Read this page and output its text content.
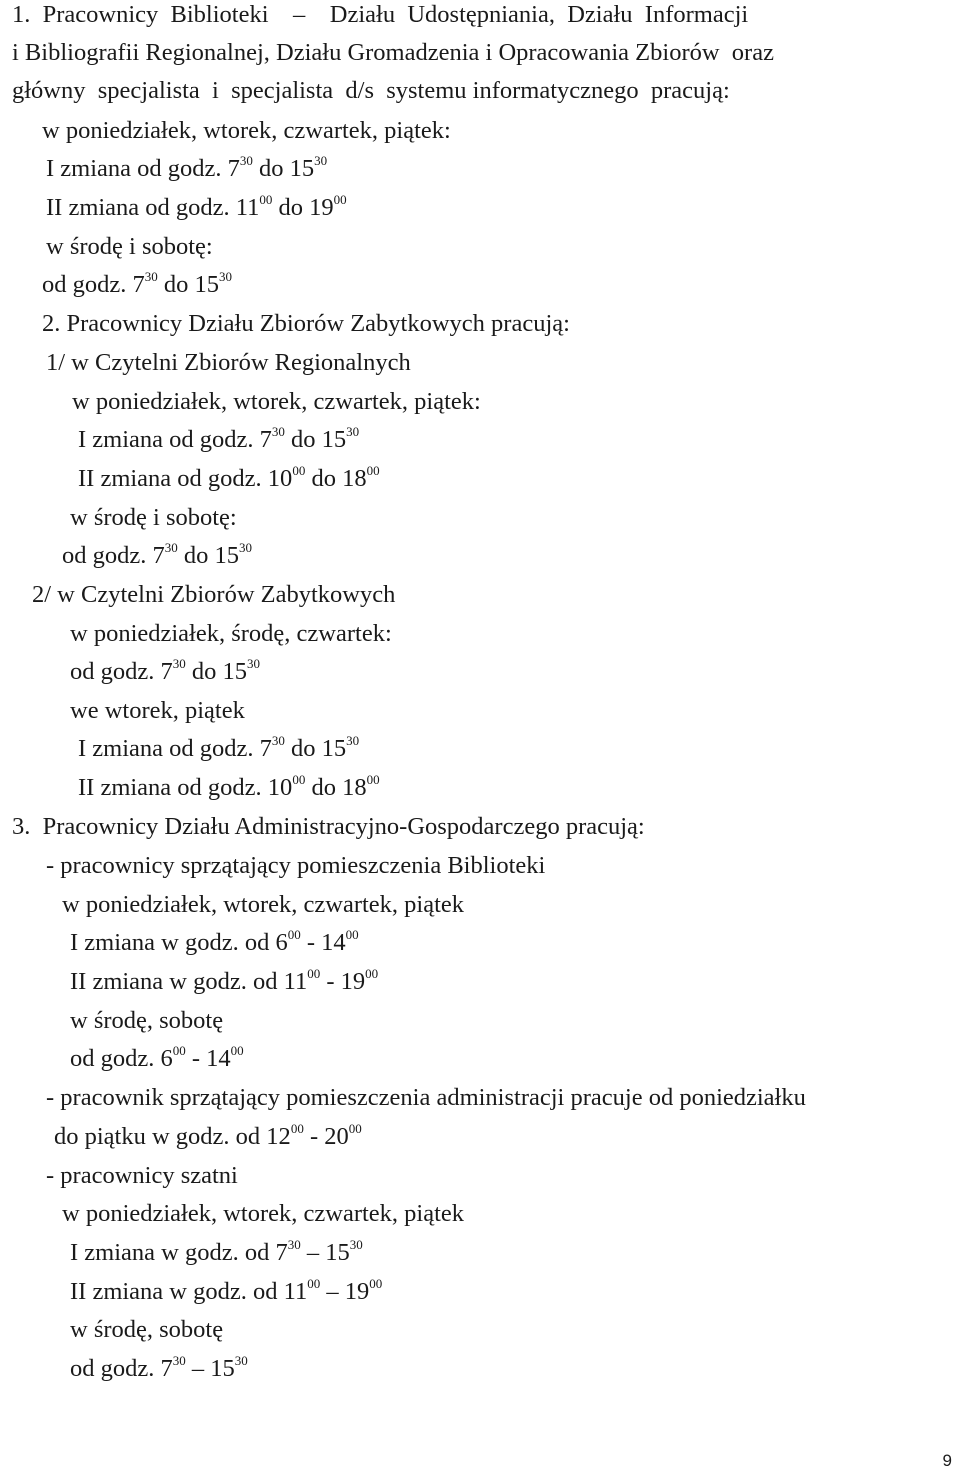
1.  Pracownicy  Biblioteki    –    Działu  Udostępniania,  Działu  Informacji
i Bibliografii Regionalnej, Działu Gromadzenia i Opracowania Zbiorów  oraz
główny  specjalista  i  specjalista  d/s  systemu informatycznego  pracują:
w poniedziałek, wtorek, czwartek, piątek:
I zmiana od godz. $7^{30}$ do $15^{30}$
II zmiana od godz. $11^{00}$ do $19^{00}$
w środę i sobotę:
od godz. $7^{30}$ do $15^{30}$
2. Pracownicy Działu Zbiorów Zabytkowych pracują:
1/ w Czytelni Zbiorów Regionalnych
w poniedziałek, wtorek, czwartek, piątek:
I zmiana od godz. $7^{30}$ do $15^{30}$
II zmiana od godz. $10^{00}$ do $18^{00}$
w środę i sobotę:
od godz. $7^{30}$ do $15^{30}$
2/ w Czytelni Zbiorów Zabytkowych
w poniedziałek, środę, czwartek:
od godz. $7^{30}$ do $15^{30}$
we wtorek, piątek
I zmiana od godz. $7^{30}$ do $15^{30}$
II zmiana od godz. $10^{00}$ do $18^{00}$
3.  Pracownicy Działu Administracyjno-Gospodarczego pracują:
- pracownicy sprzątający pomieszczenia Biblioteki
w poniedziałek, wtorek, czwartek, piątek
I zmiana w godz. od $6^{00} - 14^{00}$
II zmiana w godz. od $11^{00} - 19^{00}$
w środę, sobotę
od godz. $6^{00} - 14^{00}$
- pracownik sprzątający pomieszczenia administracji pracuje od poniedziałku
do piątku w godz. od $12^{00} - 20^{00}$
- pracownicy szatni
w poniedziałek, wtorek, czwartek, piątek
I zmiana w godz. od $7^{30} - 15^{30}$
II zmiana w godz. od $11^{00} - 19^{00}$
w środę, sobotę
od godz. $7^{30} - 15^{30}$
9
